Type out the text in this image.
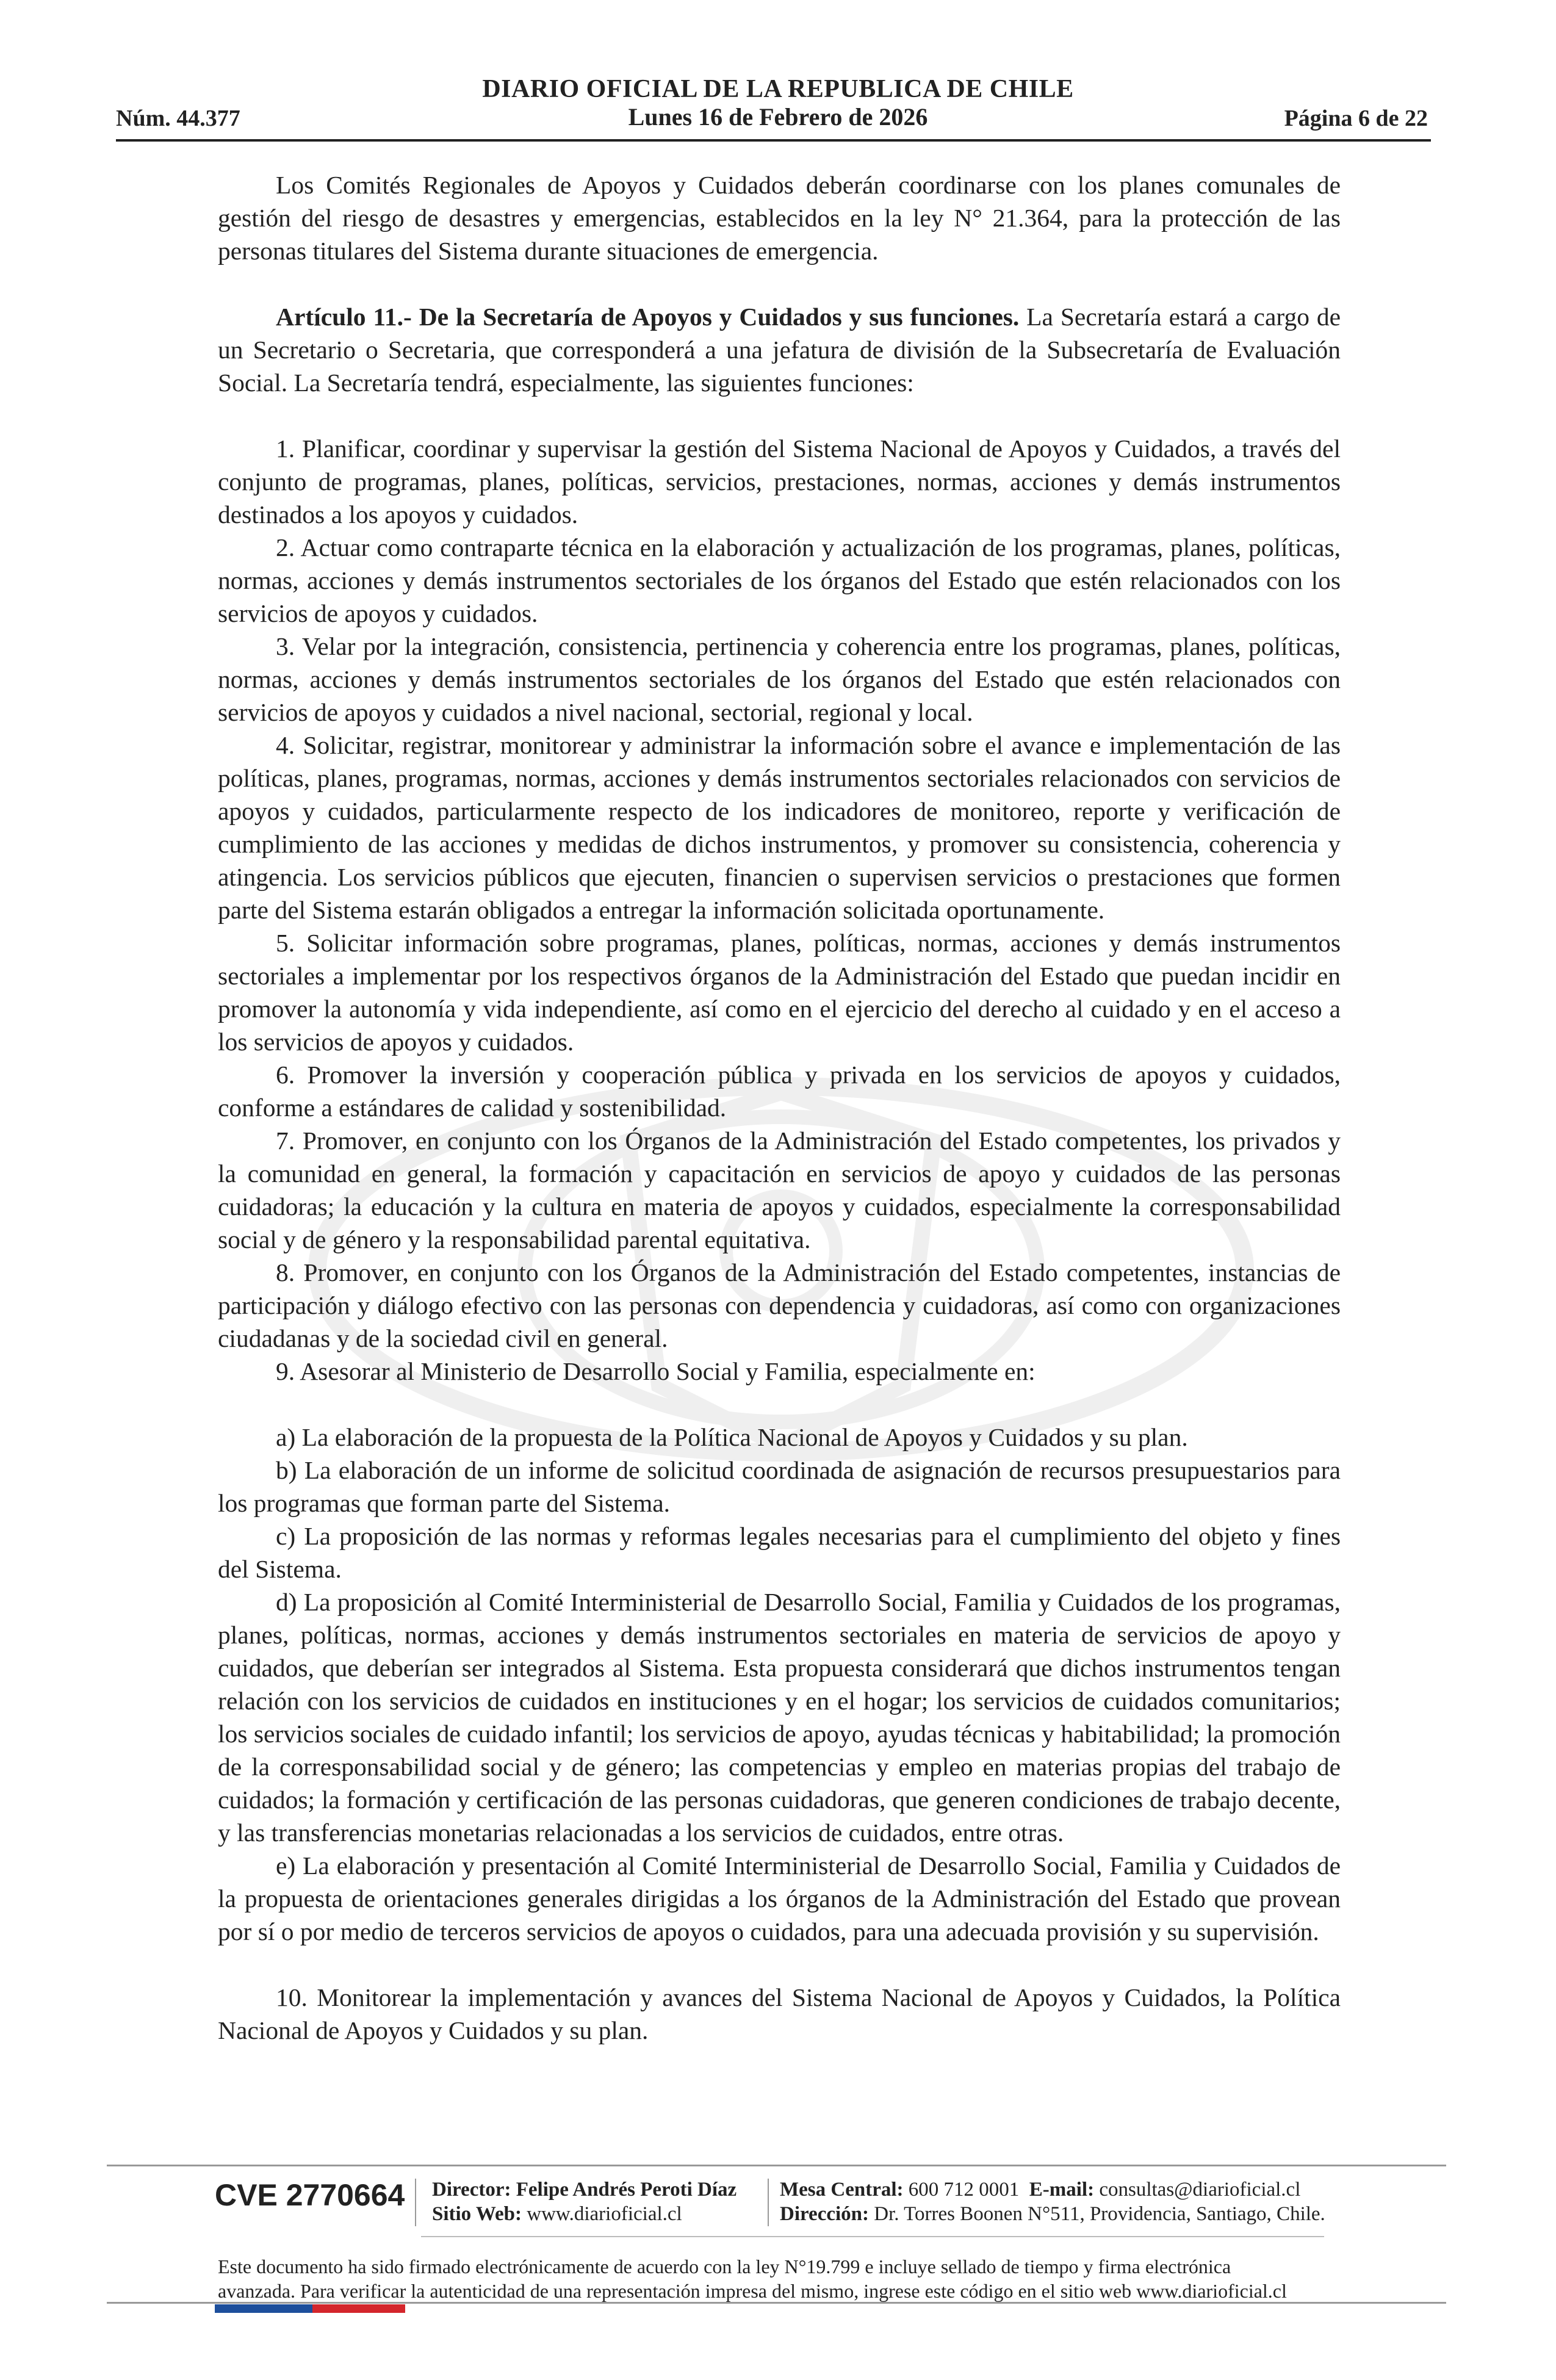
DIARIO OFICIAL DE LA REPUBLICA DE CHILE
Lunes 16 de Febrero de 2026
Núm. 44.377	Página 6 de 22

Los Comités Regionales de Apoyos y Cuidados deberán coordinarse con los planes comunales de gestión del riesgo de desastres y emergencias, establecidos en la ley N° 21.364, para la protección de las personas titulares del Sistema durante situaciones de emergencia.

Artículo 11.- De la Secretaría de Apoyos y Cuidados y sus funciones. La Secretaría estará a cargo de un Secretario o Secretaria, que corresponderá a una jefatura de división de la Subsecretaría de Evaluación Social. La Secretaría tendrá, especialmente, las siguientes funciones:

1. Planificar, coordinar y supervisar la gestión del Sistema Nacional de Apoyos y Cuidados, a través del conjunto de programas, planes, políticas, servicios, prestaciones, normas, acciones y demás instrumentos destinados a los apoyos y cuidados.

2. Actuar como contraparte técnica en la elaboración y actualización de los programas, planes, políticas, normas, acciones y demás instrumentos sectoriales de los órganos del Estado que estén relacionados con los servicios de apoyos y cuidados.

3. Velar por la integración, consistencia, pertinencia y coherencia entre los programas, planes, políticas, normas, acciones y demás instrumentos sectoriales de los órganos del Estado que estén relacionados con servicios de apoyos y cuidados a nivel nacional, sectorial, regional y local.

4. Solicitar, registrar, monitorear y administrar la información sobre el avance e implementación de las políticas, planes, programas, normas, acciones y demás instrumentos sectoriales relacionados con servicios de apoyos y cuidados, particularmente respecto de los indicadores de monitoreo, reporte y verificación de cumplimiento de las acciones y medidas de dichos instrumentos, y promover su consistencia, coherencia y atingencia. Los servicios públicos que ejecuten, financien o supervisen servicios o prestaciones que formen parte del Sistema estarán obligados a entregar la información solicitada oportunamente.

5. Solicitar información sobre programas, planes, políticas, normas, acciones y demás instrumentos sectoriales a implementar por los respectivos órganos de la Administración del Estado que puedan incidir en promover la autonomía y vida independiente, así como en el ejercicio del derecho al cuidado y en el acceso a los servicios de apoyos y cuidados.

6. Promover la inversión y cooperación pública y privada en los servicios de apoyos y cuidados, conforme a estándares de calidad y sostenibilidad.

7. Promover, en conjunto con los Órganos de la Administración del Estado competentes, los privados y la comunidad en general, la formación y capacitación en servicios de apoyo y cuidados de las personas cuidadoras; la educación y la cultura en materia de apoyos y cuidados, especialmente la corresponsabilidad social y de género y la responsabilidad parental equitativa.

8. Promover, en conjunto con los Órganos de la Administración del Estado competentes, instancias de participación y diálogo efectivo con las personas con dependencia y cuidadoras, así como con organizaciones ciudadanas y de la sociedad civil en general.

9. Asesorar al Ministerio de Desarrollo Social y Familia, especialmente en:

a) La elaboración de la propuesta de la Política Nacional de Apoyos y Cuidados y su plan.

b) La elaboración de un informe de solicitud coordinada de asignación de recursos presupuestarios para los programas que forman parte del Sistema.

c) La proposición de las normas y reformas legales necesarias para el cumplimiento del objeto y fines del Sistema.

d) La proposición al Comité Interministerial de Desarrollo Social, Familia y Cuidados de los programas, planes, políticas, normas, acciones y demás instrumentos sectoriales en materia de servicios de apoyo y cuidados, que deberían ser integrados al Sistema. Esta propuesta considerará que dichos instrumentos tengan relación con los servicios de cuidados en instituciones y en el hogar; los servicios de cuidados comunitarios; los servicios sociales de cuidado infantil; los servicios de apoyo, ayudas técnicas y habitabilidad; la promoción de la corresponsabilidad social y de género; las competencias y empleo en materias propias del trabajo de cuidados; la formación y certificación de las personas cuidadoras, que generen condiciones de trabajo decente, y las transferencias monetarias relacionadas a los servicios de cuidados, entre otras.

e) La elaboración y presentación al Comité Interministerial de Desarrollo Social, Familia y Cuidados de la propuesta de orientaciones generales dirigidas a los órganos de la Administración del Estado que provean por sí o por medio de terceros servicios de apoyos o cuidados, para una adecuada provisión y su supervisión.

10. Monitorear la implementación y avances del Sistema Nacional de Apoyos y Cuidados, la Política Nacional de Apoyos y Cuidados y su plan.

CVE 2770664 Director: Felipe Andrés Peroti Díaz
Sitio Web: www.diarioficial.cl
Mesa Central: 600 712 0001 E-mail: consultas@diarioficial.cl
Dirección: Dr. Torres Boonen N°511, Providencia, Santiago, Chile.
Este documento ha sido firmado electrónicamente de acuerdo con la ley N°19.799 e incluye sellado de tiempo y firma electrónica
avanzada. Para verificar la autenticidad de una representación impresa del mismo, ingrese este código en el sitio web www.diarioficial.cl
